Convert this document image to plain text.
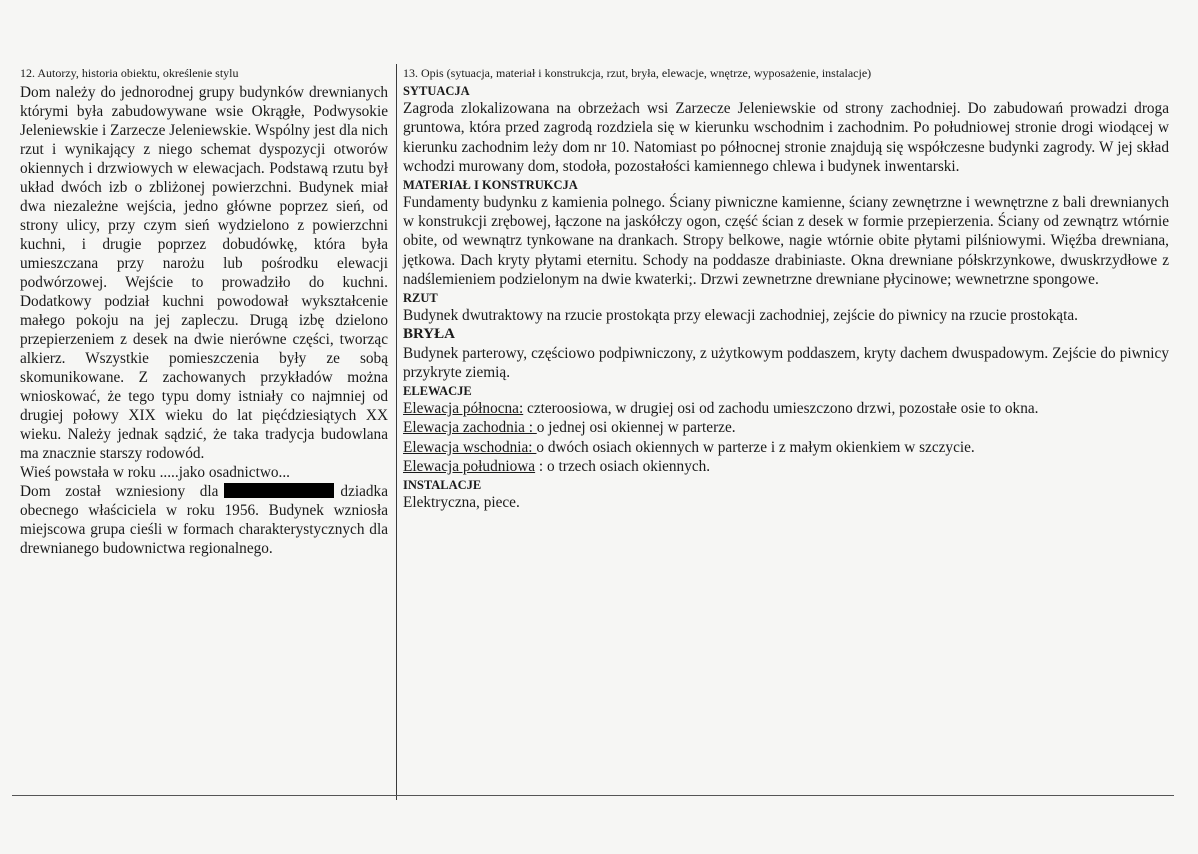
12. Autorzy, historia obiektu, określenie stylu

Dom należy do jednorodnej grupy budynków drewnianych którymi była zabudowywane wsie Okrągłe, Podwysokie Jeleniewskie i Zarzecze Jeleniewskie. Wspólny jest dla nich rzut i wynikający z niego schemat dyspozycji otworów okiennych i drzwiowych w elewacjach. Podstawą rzutu był układ dwóch izb o zbliżonej powierzchni. Budynek miał dwa niezależne wejścia, jedno główne poprzez sień, od strony ulicy, przy czym sień wydzielono z powierzchni kuchni, i drugie poprzez dobudówkę, która była umieszczana przy narożu lub pośrodku elewacji podwórzowej. Wejście to prowadziło do kuchni. Dodatkowy podział kuchni powodował wykształcenie małego pokoju na jej zapleczu. Drugą izbę dzielono przepierzeniem z desek na dwie nierówne części, tworząc alkierz. Wszystkie pomieszczenia były ze sobą skomunikowane. Z zachowanych przykładów można wnioskować, że tego typu domy istniały co najmniej od drugiej połowy XIX wieku do lat pięćdziesiątych XX wieku. Należy jednak sądzić, że taka tradycja budowlana ma znacznie starszy rodowód.

Wieś powstała w roku .....jako osadnictwo...

Dom został wzniesiony dla	dziadka obecnego właściciela w roku 1956. Budynek wzniosła miejscowa grupa cieśli w formach charakterystycznych dla drewnianego budownictwa regionalnego.

13. Opis (sytuacja, materiał i konstrukcja, rzut, bryła, elewacje, wnętrze, wyposażenie, instalacje)
SYTUACJA

Zagroda zlokalizowana na obrzeżach wsi Zarzecze Jeleniewskie od strony zachodniej. Do zabudowań prowadzi droga gruntowa, która przed zagrodą rozdziela się w kierunku wschodnim i zachodnim. Po południowej stronie drogi wiodącej w kierunku zachodnim leży dom nr 10. Natomiast po północnej stronie znajdują się współczesne budynki zagrody. W jej skład wchodzi murowany dom, stodoła, pozostałości kamiennego chlewa i budynek inwentarski.

MATERIAŁ I KONSTRUKCJA

Fundamenty budynku z kamienia polnego. Ściany piwniczne kamienne, ściany zewnętrzne i wewnętrzne z bali drewnianych w konstrukcji zrębowej, łączone na jaskółczy ogon, część ścian z desek w formie przepierzenia. Ściany od zewnątrz wtórnie obite, od wewnątrz tynkowane na drankach. Stropy belkowe, nagie wtórnie obite płytami pilśniowymi. Więźba drewniana, jętkowa. Dach kryty płytami eternitu. Schody na poddasze drabiniaste. Okna drewniane półskrzynkowe, dwuskrzydłowe z nadślemieniem podzielonym na dwie kwaterki;. Drzwi zewnetrzne drewniane płycinowe; wewnetrzne spongowe.

RZUT

Budynek dwutraktowy na rzucie prostokąta przy elewacji zachodniej, zejście do piwnicy na rzucie prostokąta.

BRYŁA

Budynek parterowy, częściowo podpiwniczony, z użytkowym poddaszem, kryty dachem dwuspadowym. Zejście do piwnicy przykryte ziemią.

ELEWACJE

Elewacja północna: czteroosiowa, w drugiej osi od zachodu umieszczono drzwi, pozostałe osie to okna.

Elewacja zachodnia : o jednej osi okiennej w parterze.

Elewacja wschodnia: o dwóch osiach okiennych w parterze i z małym okienkiem w szczycie.

Elewacja południowa : o trzech osiach okiennych.

INSTALACJE

Elektryczna, piece.
